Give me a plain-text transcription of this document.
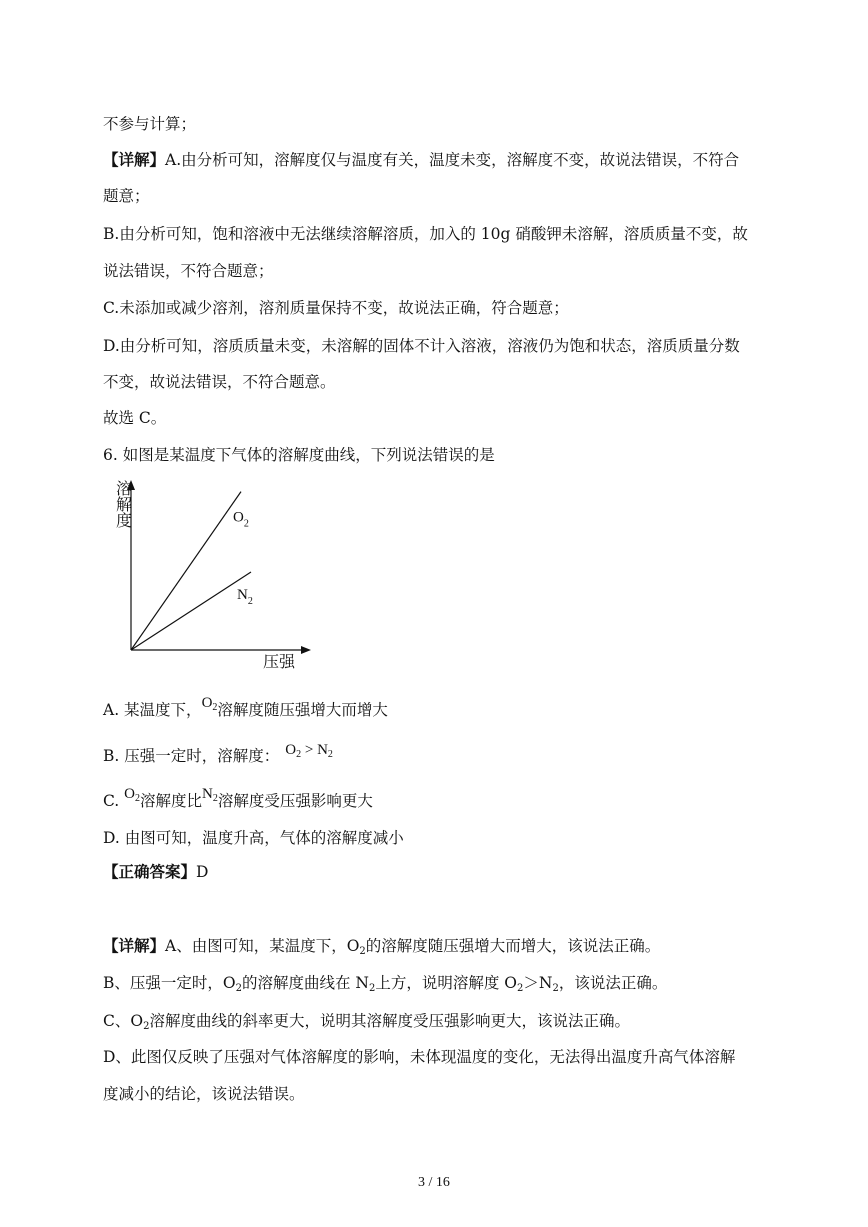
不参与计算；
【详解】A.由分析可知，溶解度仅与温度有关，温度未变，溶解度不变，故说法错误，不符合
题意；
B.由分析可知，饱和溶液中无法继续溶解溶质，加入的 10g 硝酸钾未溶解，溶质质量不变，故
说法错误，不符合题意；
C.未添加或减少溶剂，溶剂质量保持不变，故说法正确，符合题意；
D.由分析可知，溶质质量未变，未溶解的固体不计入溶液，溶液仍为饱和状态，溶质质量分数
不变，故说法错误，不符合题意。
故选 C。
6. 如图是某温度下气体的溶解度曲线，下列说法错误的是
$O_2$
$N_2$
溶解度
压强
A. 某温度下，$O_2$溶解度随压强增大而增大
B. 压强一定时，溶解度： $O_2 > N_2$
C. $O_2$溶解度比$N_2$溶解度受压强影响更大
D. 由图可知，温度升高，气体的溶解度减小
【正确答案】D
【详解】A、由图可知，某温度下，$O_2$的溶解度随压强增大而增大，该说法正确。
B、压强一定时，$O_2$的溶解度曲线在 $N_2$上方，说明溶解度 $O_2>N_2$，该说法正确。
C、$O_2$溶解度曲线的斜率更大，说明其溶解度受压强影响更大，该说法正确。
D、此图仅反映了压强对气体溶解度的影响，未体现温度的变化，无法得出温度升高气体溶解
度减小的结论，该说法错误。
3 / 16
